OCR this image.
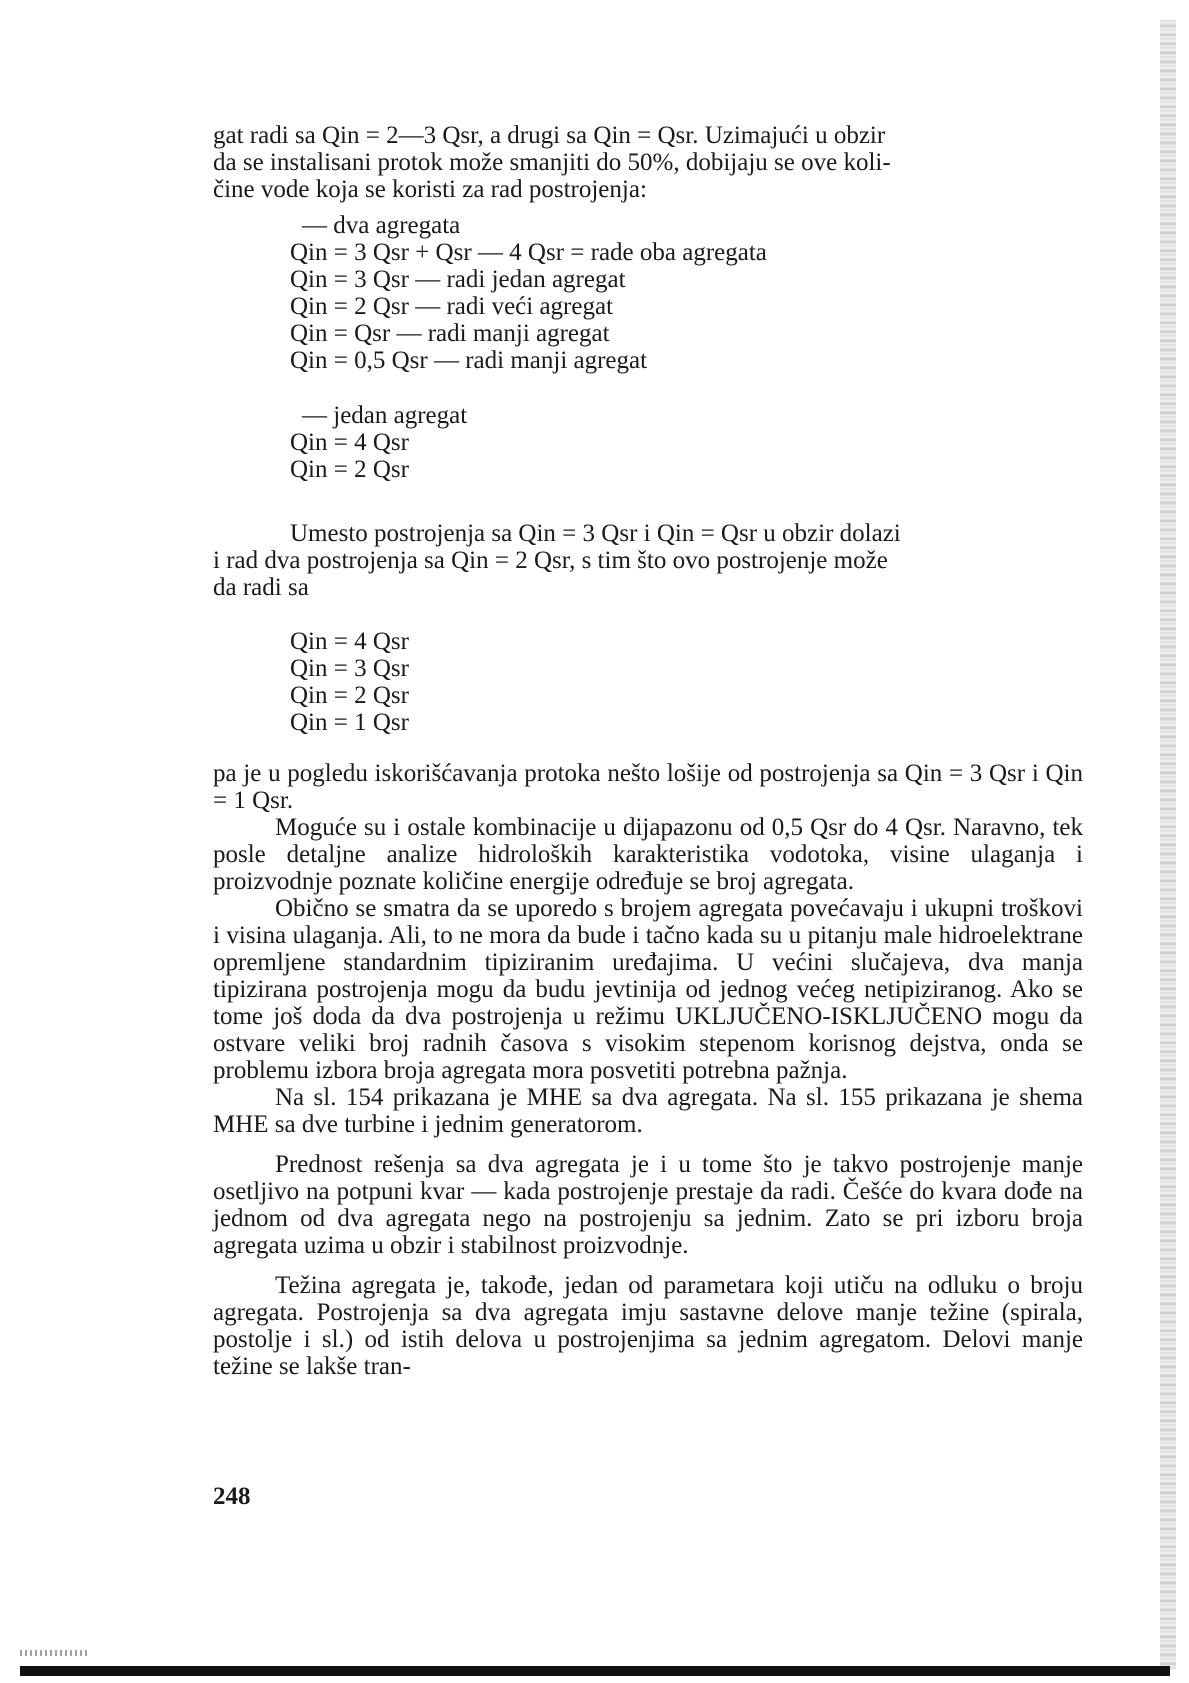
gat radi sa Qin = 2—3 Qsr, a drugi sa Qin = Qsr. Uzimajući u obzir
da se instalisani protok može smanjiti do 50%, dobijaju se ove koli-
čine vode koja se koristi za rad postrojenja:
— dva agregata
Qin = 3 Qsr + Qsr — 4 Qsr = rade oba agregata
Qin = 3 Qsr — radi jedan agregat
Qin = 2 Qsr — radi veći agregat
Qin = Qsr — radi manji agregat
Qin = 0,5 Qsr — radi manji agregat
— jedan agregat
Qin = 4 Qsr
Qin = 2 Qsr
Umesto postrojenja sa Qin = 3 Qsr i Qin = Qsr u obzir dolazi
i rad dva postrojenja sa Qin = 2 Qsr, s tim što ovo postrojenje može
da radi sa
Qin = 4 Qsr
Qin = 3 Qsr
Qin = 2 Qsr
Qin = 1 Qsr

pa je u pogledu iskorišćavanja protoka nešto lošije od postrojenja sa Qin = 3 Qsr i Qin = 1 Qsr.

Moguće su i ostale kombinacije u dijapazonu od 0,5 Qsr do 4 Qsr. Naravno, tek posle detaljne analize hidroloških karakteristika vodotoka, visine ulaganja i proizvodnje poznate količine energije određuje se broj agregata.

Obično se smatra da se uporedo s brojem agregata povećavaju i ukupni troškovi i visina ulaganja. Ali, to ne mora da bude i tačno kada su u pitanju male hidroelektrane opremljene standardnim tipiziranim uređajima. U većini slučajeva, dva manja tipizirana postrojenja mogu da budu jevtinija od jednog većeg netipiziranog. Ako se tome još doda da dva postrojenja u režimu UKLJUČENO-ISKLJUČENO mogu da ostvare veliki broj radnih časova s visokim stepenom korisnog dejstva, onda se problemu izbora broja agregata mora posvetiti potrebna pažnja.

Na sl. 154 prikazana je MHE sa dva agregata. Na sl. 155 prikazana je shema MHE sa dve turbine i jednim generatorom.

Prednost rešenja sa dva agregata je i u tome što je takvo postrojenje manje osetljivo na potpuni kvar — kada postrojenje prestaje da radi. Češće do kvara dođe na jednom od dva agregata nego na postrojenju sa jednim. Zato se pri izboru broja agregata uzima u obzir i stabilnost proizvodnje.

Težina agregata je, takođe, jedan od parametara koji utiču na odluku o broju agregata. Postrojenja sa dva agregata imju sastavne delove manje težine (spirala, postolje i sl.) od istih delova u postrojenjima sa jednim agregatom. Delovi manje težine se lakše tran-

248
